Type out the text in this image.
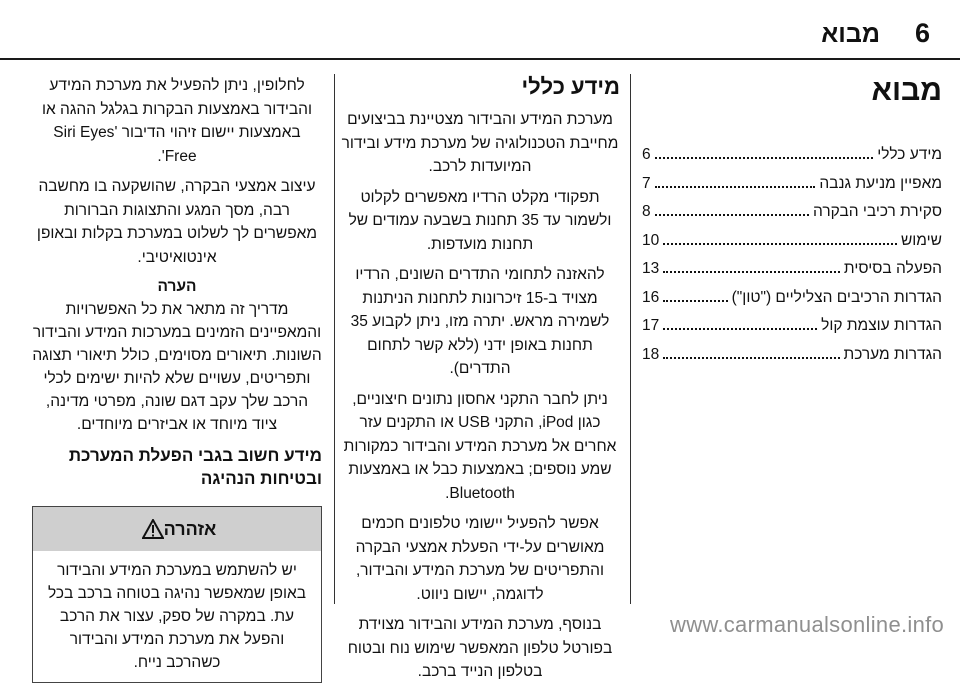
6
מבוא
מבוא
מידע כללי
6
מאפיין מניעת גנבה
7
סקירת רכיבי הבקרה
8
שימוש
10
הפעלה בסיסית
13
הגדרות הרכיבים הצליליים ("טון")
16
הגדרות עוצמת קול
17
הגדרות מערכת
18
מידע כללי

מערכת המידע והבידור מצטיינת בביצועים מחייבת הטכנולוגיה של מערכת מידע ובידור המיועדות לרכב.

תפקודי מקלט הרדיו מאפשרים לקלוט ולשמור עד 35 תחנות בשבעה עמודים של תחנות מועדפות.

להאזנה לתחומי התדרים השונים, הרדיו מצויד ב-15 זיכרונות לתחנות הניתנות לשמירה מראש. יתרה מזו, ניתן לקבוע 35 תחנות באופן ידני (ללא קשר לתחום התדרים).

ניתן לחבר התקני אחסון נתונים חיצוניים, כגון iPod, התקני USB או התקנים עזר אחרים אל מערכת המידע והבידור כמקורות שמע נוספים; באמצעות כבל או באמצעות Bluetooth.

אפשר להפעיל יישומי טלפונים חכמים מאושרים על-ידי הפעלת אמצעי הבקרה והתפריטים של מערכת המידע והבידור, לדוגמה, יישום ניווט.

בנוסף, מערכת המידע והבידור מצוידת בפורטל טלפון המאפשר שימוש נוח ובטוח בטלפון הנייד ברכב.

לחלופין, ניתן להפעיל את מערכת המידע והבידור באמצעות הבקרות בגלגל ההגה או באמצעות יישום זיהוי הדיבור 'Siri Eyes Free'.

עיצוב אמצעי הבקרה, שהושקעה בו מחשבה רבה, מסך המגע והתצוגות הברורות מאפשרים לך לשלוט במערכת בקלות ובאופן אינטואיטיבי.

הערה
מדריך זה מתאר את כל האפשרויות והמאפיינים הזמינים במערכות המידע והבידור השונות. תיאורים מסוימים, כולל תיאורי תצוגה ותפריטים, עשויים שלא להיות ישימים לכלי הרכב שלך עקב דגם שונה, מפרטי מדינה, ציוד מיוחד או אביזרים מיוחדים.
מידע חשוב בגבי הפעלת המערכת ובטיחות הנהיגה
אזהרה
יש להשתמש במערכת המידע והבידור באופן שמאפשר נהיגה בטוחה ברכב בכל עת. במקרה של ספק, עצור את הרכב והפעל את מערכת המידע והבידור כשהרכב נייח.
www.carmanualsonline.info
